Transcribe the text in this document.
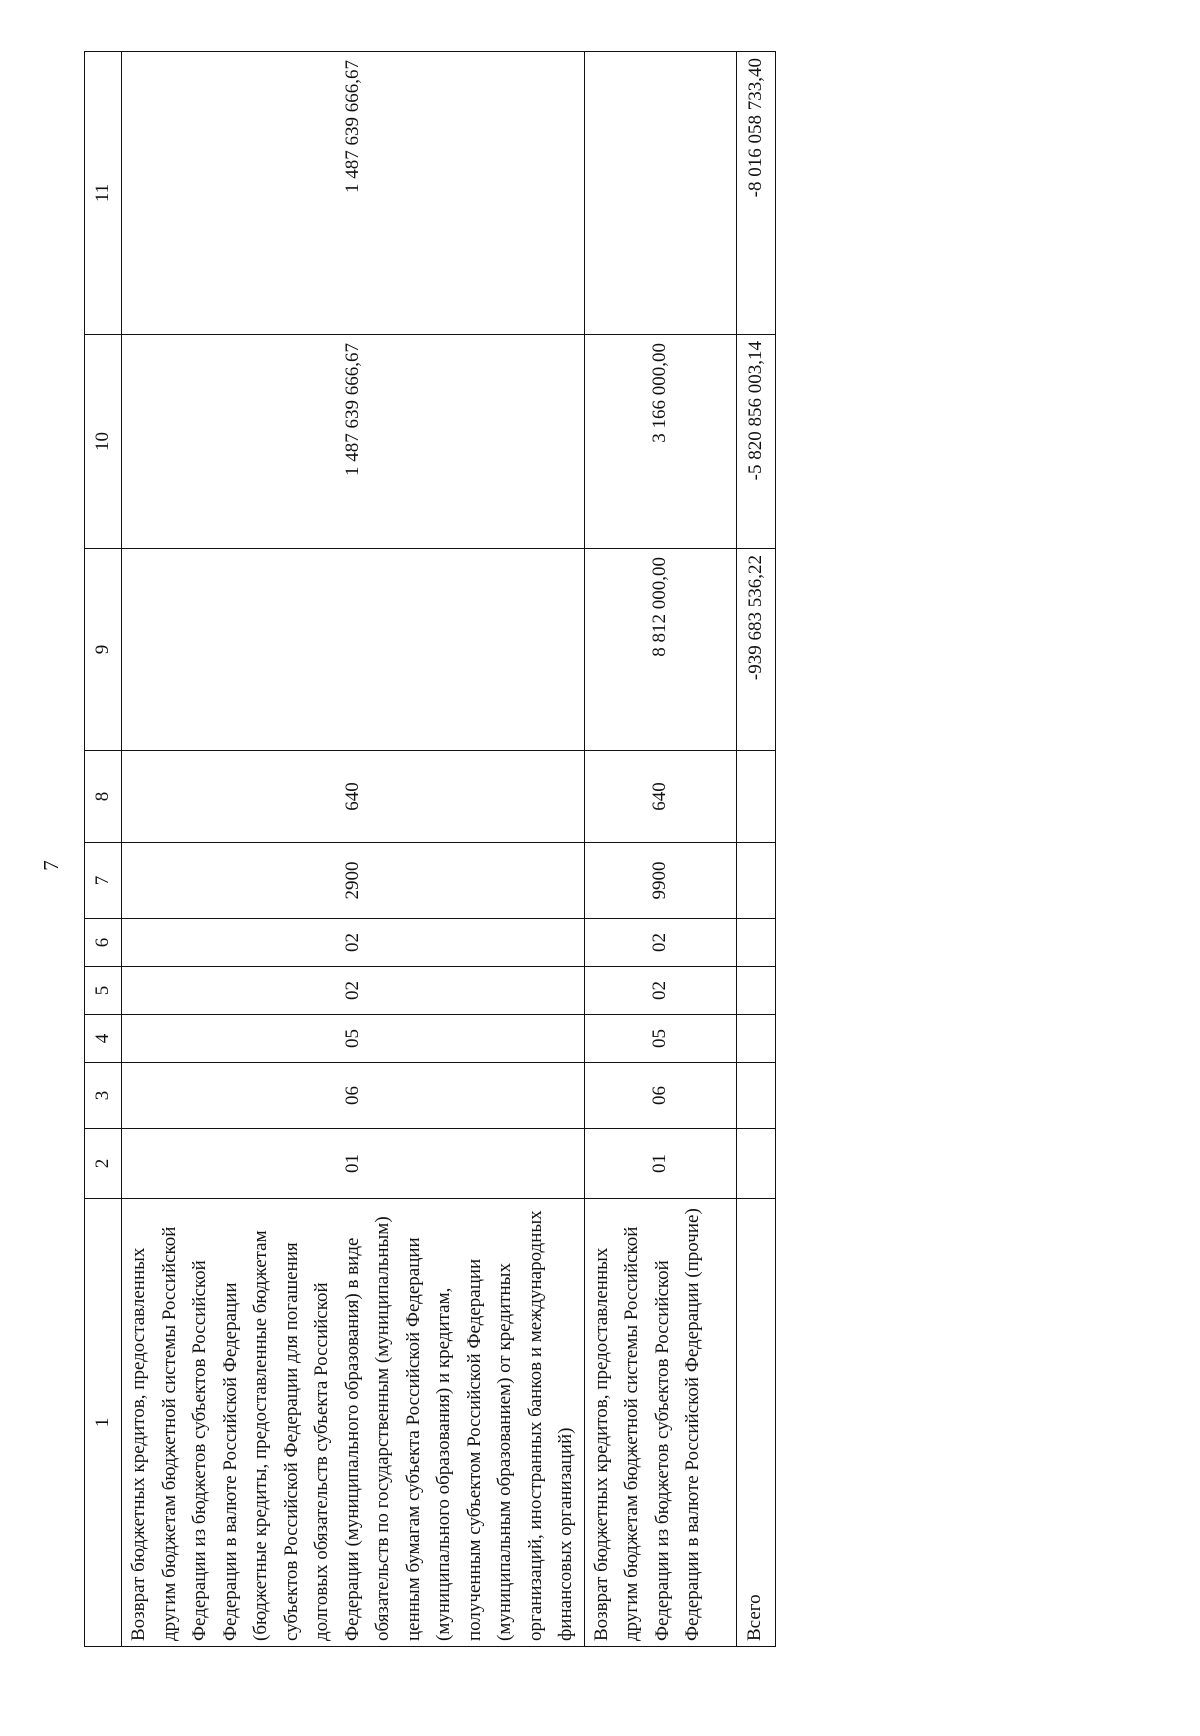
7
1	2	3	4	5	6	7	8	9	10	11
Возврат бюджетных кредитов, предоставленных другим бюджетам бюджетной системы Российской Федерации из бюджетов субъектов Российской Федерации в валюте Российской Федерации (бюджетные кредиты, предоставленные бюджетам субъектов Российской Федерации для погашения долговых обязательств субъекта Российской Федерации (муниципального образования) в виде обязательств по государственным (муниципальным) ценным бумагам субъекта Российской Федерации (муниципального образования) и кредитам, полученным субъектом Российской Федерации (муниципальным образованием) от кредитных организаций, иностранных банков и международных финансовых организаций)	01	06	05	02	02	2900	640		1 487 639 666,67	1 487 639 666,67
Возврат бюджетных кредитов, предоставленных другим бюджетам бюджетной системы Российской Федерации из бюджетов субъектов Российской Федерации в валюте Российской Федерации (прочие)	01	06	05	02	02	9900	640	8 812 000,00	3 166 000,00	
Всего								-939 683 536,22	-5 820 856 003,14	-8 016 058 733,40
